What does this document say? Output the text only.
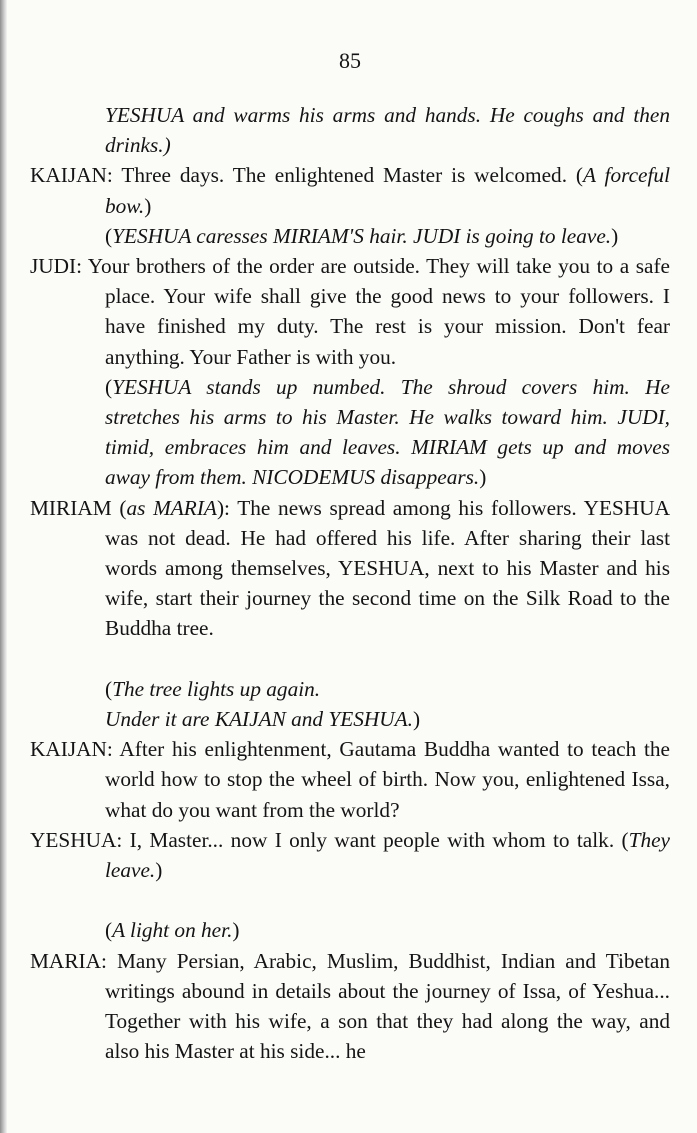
85

YESHUA and warms his arms and hands. He coughs and then drinks.)

KAIJAN: Three days. The enlightened Master is welcomed. (A forceful bow.)

(YESHUA caresses MIRIAM'S hair. JUDI is going to leave.)

JUDI: Your brothers of the order are outside. They will take you to a safe place. Your wife shall give the good news to your followers. I have finished my duty. The rest is your mission. Don't fear anything. Your Father is with you.

(YESHUA stands up numbed. The shroud covers him. He stretches his arms to his Master. He walks toward him. JUDI, timid, embraces him and leaves. MIRIAM gets up and moves away from them. NICODEMUS disappears.)

MIRIAM (as MARIA): The news spread among his followers. YESHUA was not dead. He had offered his life. After sharing their last words among themselves, YESHUA, next to his Master and his wife, start their journey the second time on the Silk Road to the Buddha tree.

(The tree lights up again.
Under it are KAIJAN and YESHUA.)

KAIJAN: After his enlightenment, Gautama Buddha wanted to teach the world how to stop the wheel of birth. Now you, enlightened Issa, what do you want from the world?

YESHUA: I, Master... now I only want people with whom to talk. (They leave.)

(A light on her.)

MARIA: Many Persian, Arabic, Muslim, Buddhist, Indian and Tibetan writings abound in details about the journey of Issa, of Yeshua... Together with his wife, a son that they had along the way, and also his Master at his side... he
